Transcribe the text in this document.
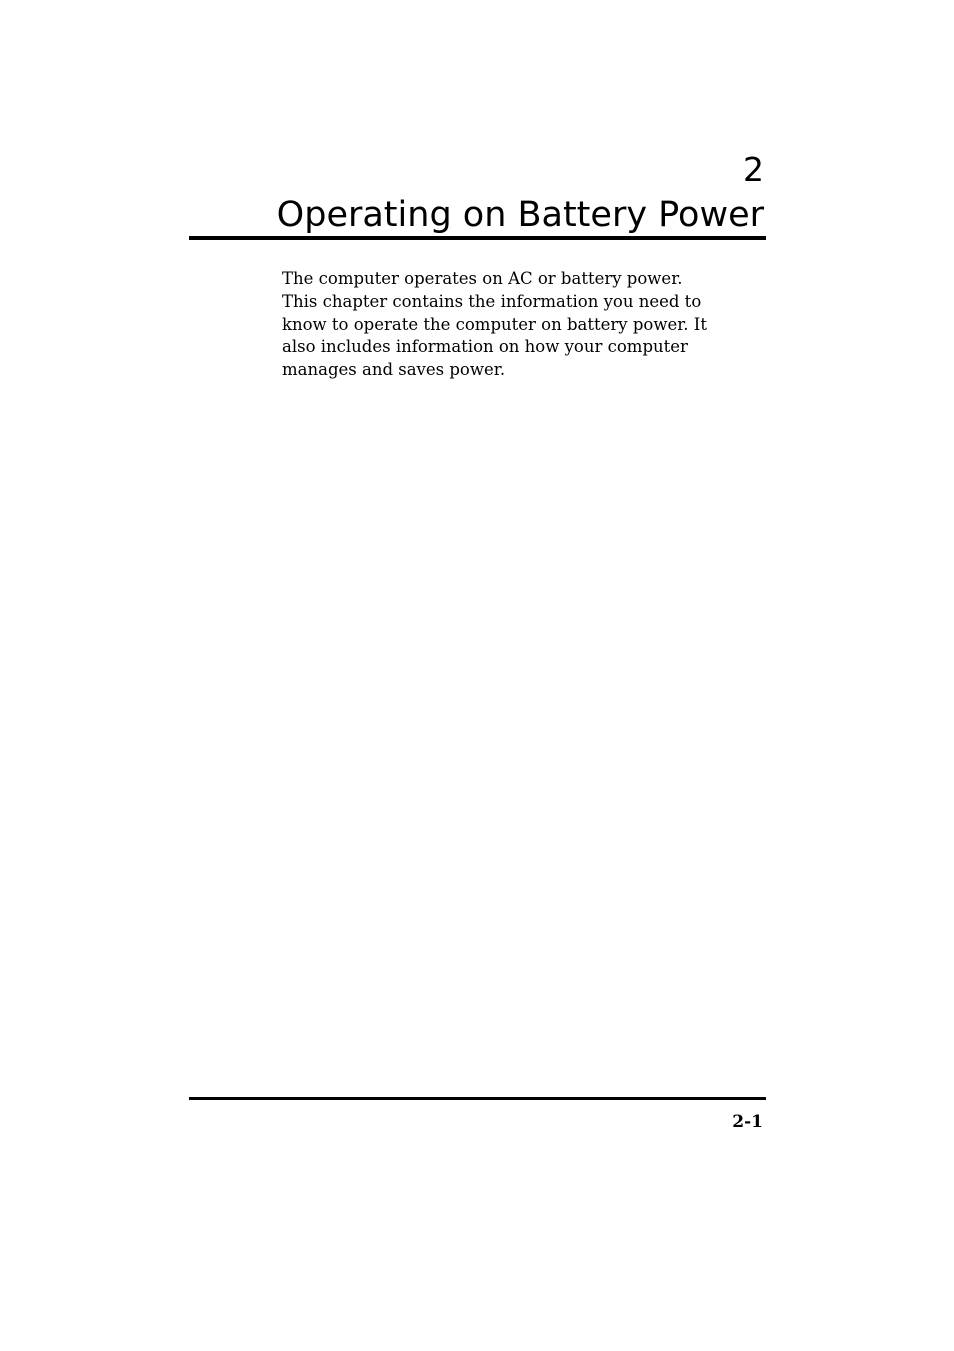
2
Operating on Battery Power

The computer operates on AC or battery power.
This chapter contains the information you need to
know to operate the computer on battery power. It
also includes information on how your computer
manages and saves power.

2-1
